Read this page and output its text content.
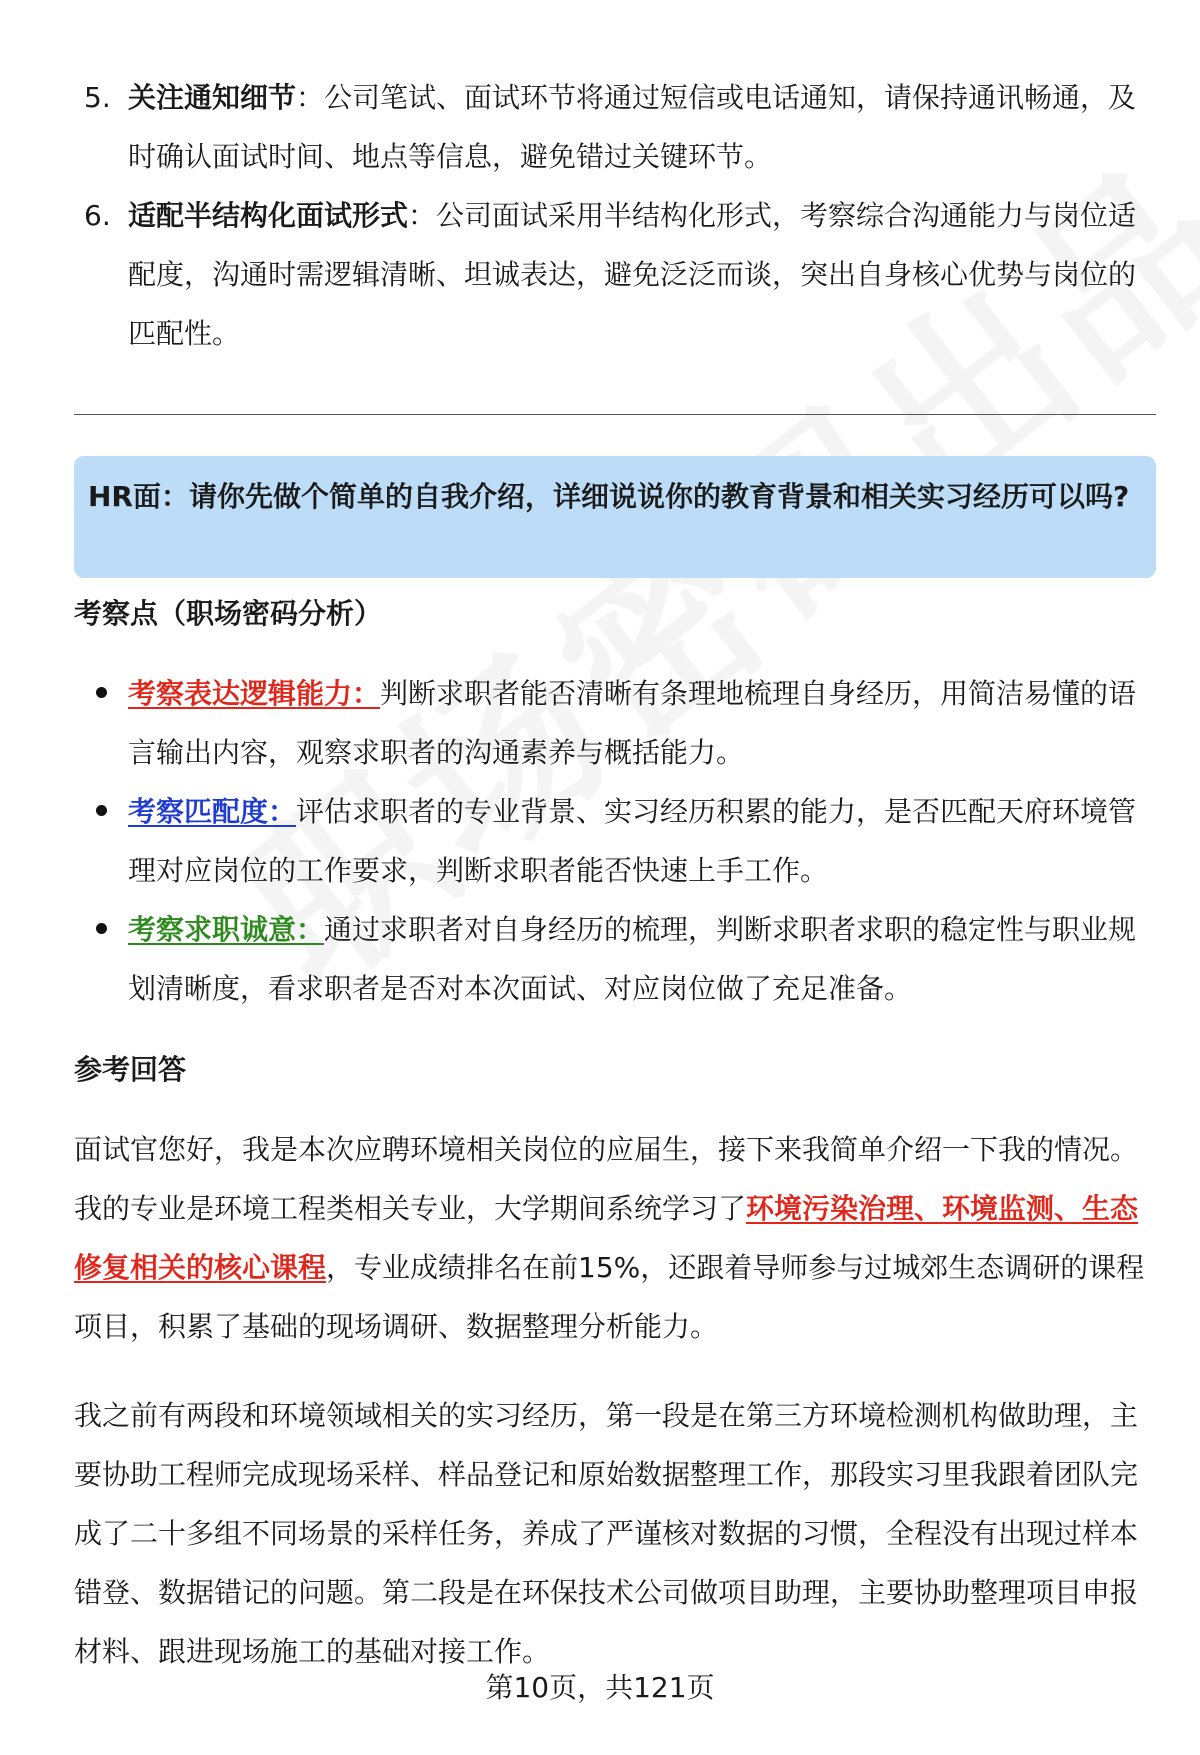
5. 关注通知细节：公司笔试、面试环节将通过短信或电话通知，请保持通讯畅通，及时确认面试时间、地点等信息，避免错过关键环节。
6. 适配半结构化面试形式：公司面试采用半结构化形式，考察综合沟通能力与岗位适配度，沟通时需逻辑清晰、坦诚表达，避免泛泛而谈，突出自身核心优势与岗位的匹配性。
HR面：请你先做个简单的自我介绍，详细说说你的教育背景和相关实习经历可以吗?
考察点（职场密码分析）
考察表达逻辑能力：判断求职者能否清晰有条理地梳理自身经历，用简洁易懂的语言输出内容，观察求职者的沟通素养与概括能力。
考察匹配度：评估求职者的专业背景、实习经历积累的能力，是否匹配天府环境管理对应岗位的工作要求，判断求职者能否快速上手工作。
考察求职诚意：通过求职者对自身经历的梳理，判断求职者求职的稳定性与职业规划清晰度，看求职者是否对本次面试、对应岗位做了充足准备。
参考回答
面试官您好，我是本次应聘环境相关岗位的应届生，接下来我简单介绍一下我的情况。我的专业是环境工程类相关专业，大学期间系统学习了环境污染治理、环境监测、生态修复相关的核心课程，专业成绩排名在前15%，还跟着导师参与过城郊生态调研的课程项目，积累了基础的现场调研、数据整理分析能力。
我之前有两段和环境领域相关的实习经历，第一段是在第三方环境检测机构做助理，主要协助工程师完成现场采样、样品登记和原始数据整理工作，那段实习里我跟着团队完成了二十多组不同场景的采样任务，养成了严谨核对数据的习惯，全程没有出现过样本错登、数据错记的问题。第二段是在环保技术公司做项目助理，主要协助整理项目申报材料、跟进现场施工的基础对接工作。
第10页，共121页
